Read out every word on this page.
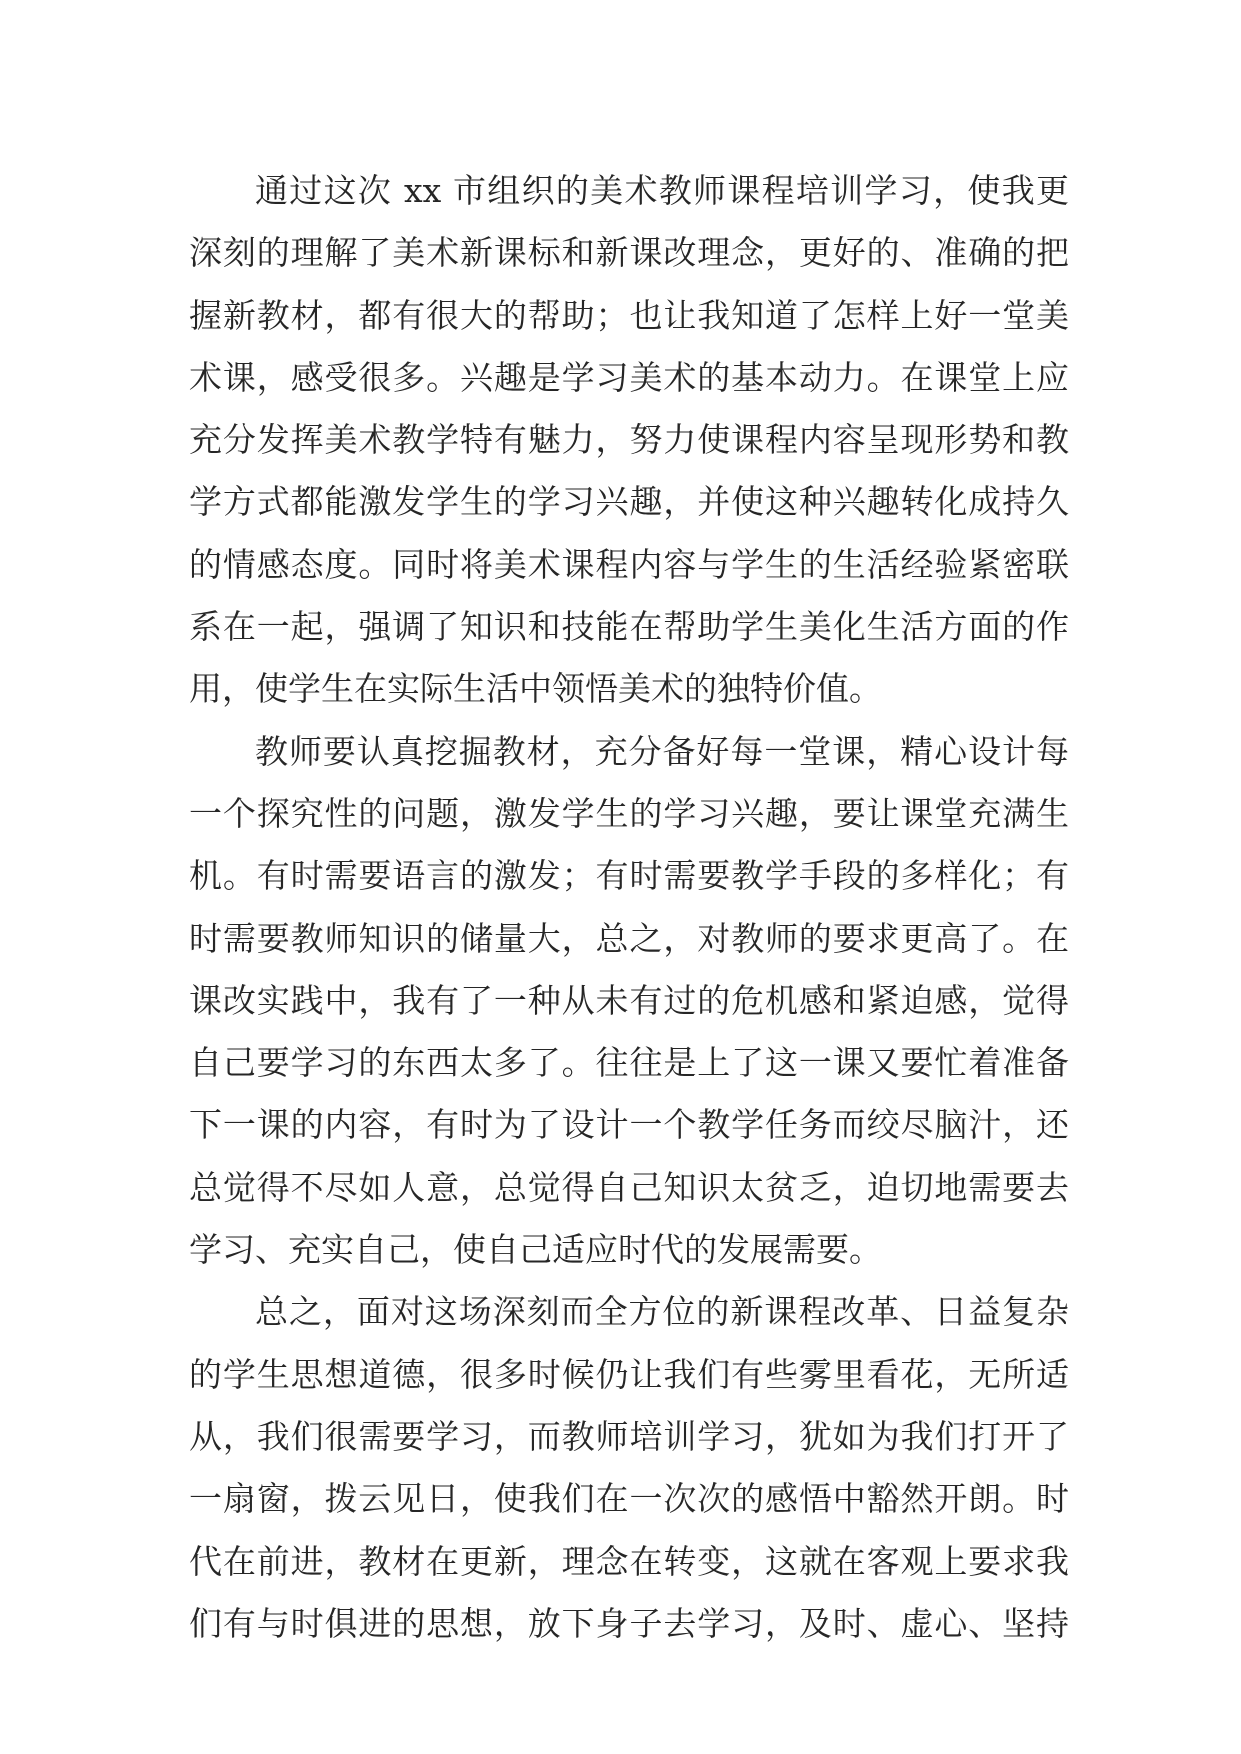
通过这次 xx 市组织的美术教师课程培训学习，使我更
深刻的理解了美术新课标和新课改理念，更好的、准确的把
握新教材，都有很大的帮助；也让我知道了怎样上好一堂美
术课，感受很多。兴趣是学习美术的基本动力。在课堂上应
充分发挥美术教学特有魅力，努力使课程内容呈现形势和教
学方式都能激发学生的学习兴趣，并使这种兴趣转化成持久
的情感态度。同时将美术课程内容与学生的生活经验紧密联
系在一起，强调了知识和技能在帮助学生美化生活方面的作
用，使学生在实际生活中领悟美术的独特价值。
教师要认真挖掘教材，充分备好每一堂课，精心设计每
一个探究性的问题，激发学生的学习兴趣，要让课堂充满生
机。有时需要语言的激发；有时需要教学手段的多样化；有
时需要教师知识的储量大，总之，对教师的要求更高了。在
课改实践中，我有了一种从未有过的危机感和紧迫感，觉得
自己要学习的东西太多了。往往是上了这一课又要忙着准备
下一课的内容，有时为了设计一个教学任务而绞尽脑汁，还
总觉得不尽如人意，总觉得自己知识太贫乏，迫切地需要去
学习、充实自己，使自己适应时代的发展需要。
总之，面对这场深刻而全方位的新课程改革、日益复杂
的学生思想道德，很多时候仍让我们有些雾里看花，无所适
从，我们很需要学习，而教师培训学习，犹如为我们打开了
一扇窗，拨云见日，使我们在一次次的感悟中豁然开朗。时
代在前进，教材在更新，理念在转变，这就在客观上要求我
们有与时俱进的思想，放下身子去学习，及时、虚心、坚持
